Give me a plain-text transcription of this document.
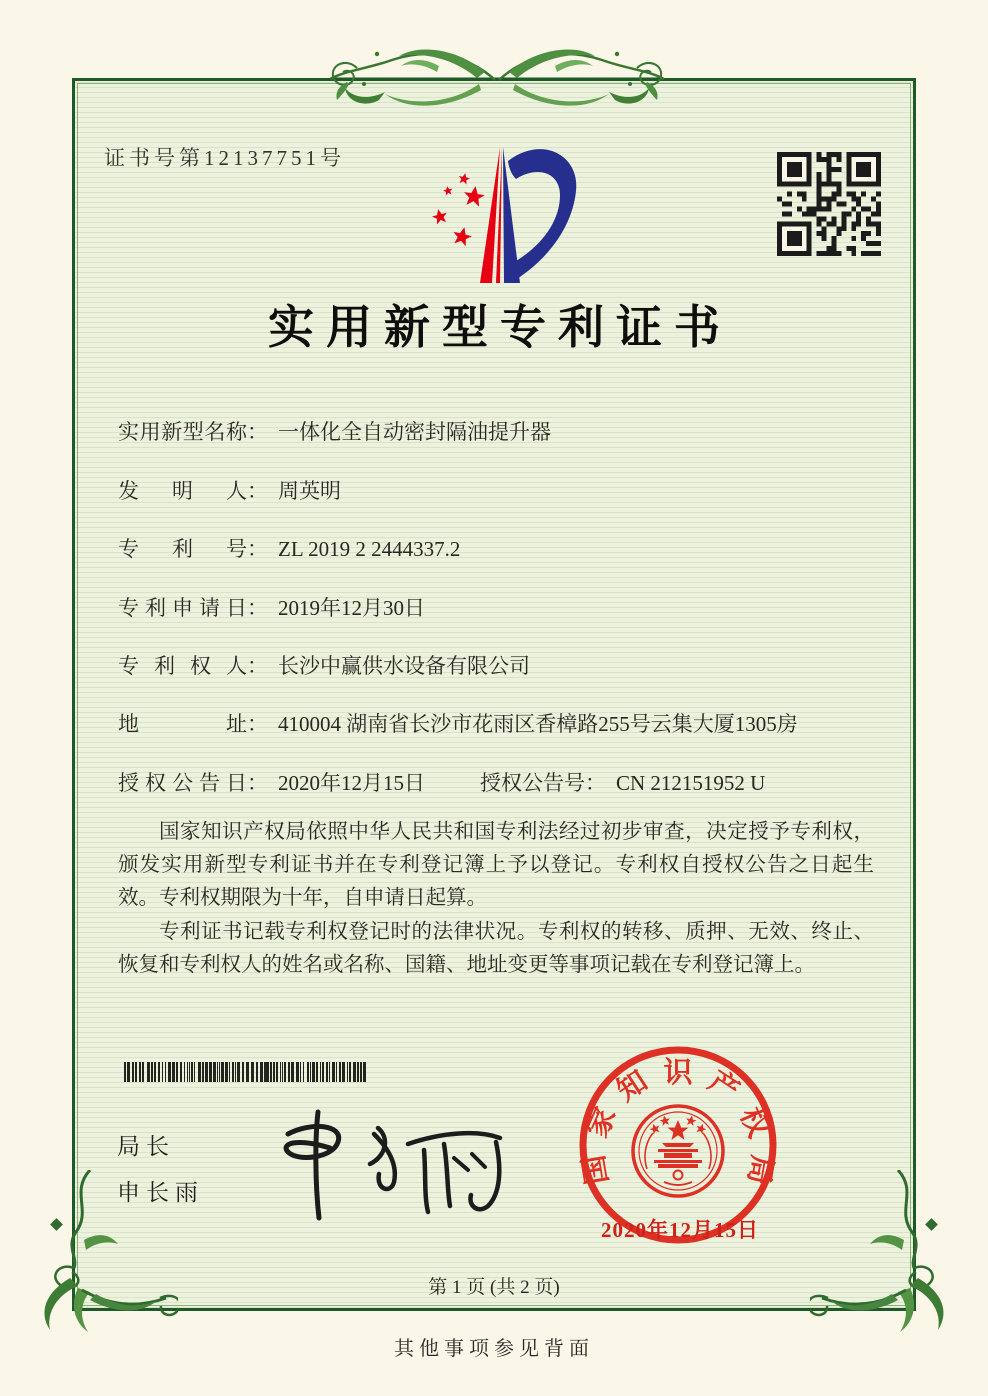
证书号第12137751号
实用新型专利证书
实用新型名称 ： 一体化全自动密封隔油提升器
发明人 ： 周英明
专利号 ： ZL 2019 2 2444337.2
专利申请日 ： 2019年12月30日
专利权人 ： 长沙中赢供水设备有限公司
地址 ： 410004 湖南省长沙市花雨区香樟路255号云集大厦1305房
授权公告日 ： 2020年12月15日	授权公告号 ： CN 212151952 U

国家知识产权局依照中华人民共和国专利法经过初步审查，决定授予专利权，颁发实用新型专利证书并在专利登记簿上予以登记。专利权自授权公告之日起生效。专利权期限为十年，自申请日起算。

专利证书记载专利权登记时的法律状况。专利权的转移、质押、无效、终止、恢复和专利权人的姓名或名称、国籍、地址变更等事项记载在专利登记簿上。

局长
申长雨
国家知识产权局
2020年12月15日
第 1 页 (共 2 页)
其他事项参见背面
